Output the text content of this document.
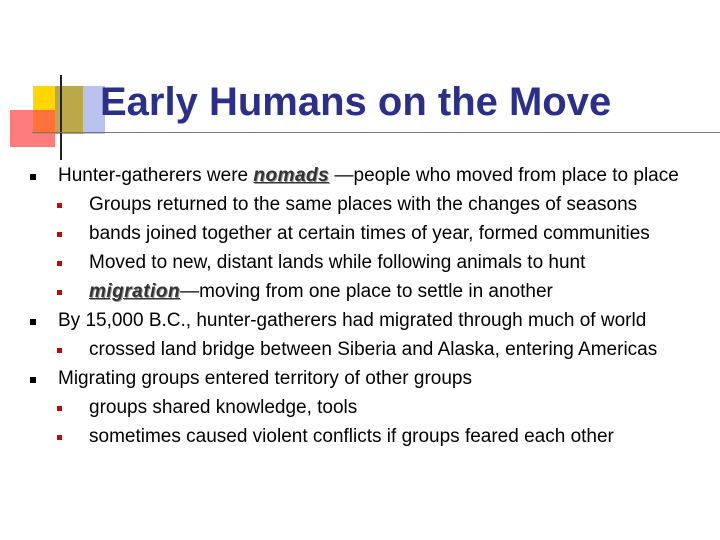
Early Humans on the Move
Hunter-gatherers were nomads —people who moved from place to place
Groups returned to the same places with the changes of seasons
bands joined together at certain times of year, formed communities
Moved to new, distant lands while following animals to hunt
migration—moving from one place to settle in another
By 15,000 B.C., hunter-gatherers had migrated through much of world
crossed land bridge between Siberia and Alaska, entering Americas
Migrating groups entered territory of other groups
groups shared knowledge, tools
sometimes caused violent conflicts if groups feared each other
